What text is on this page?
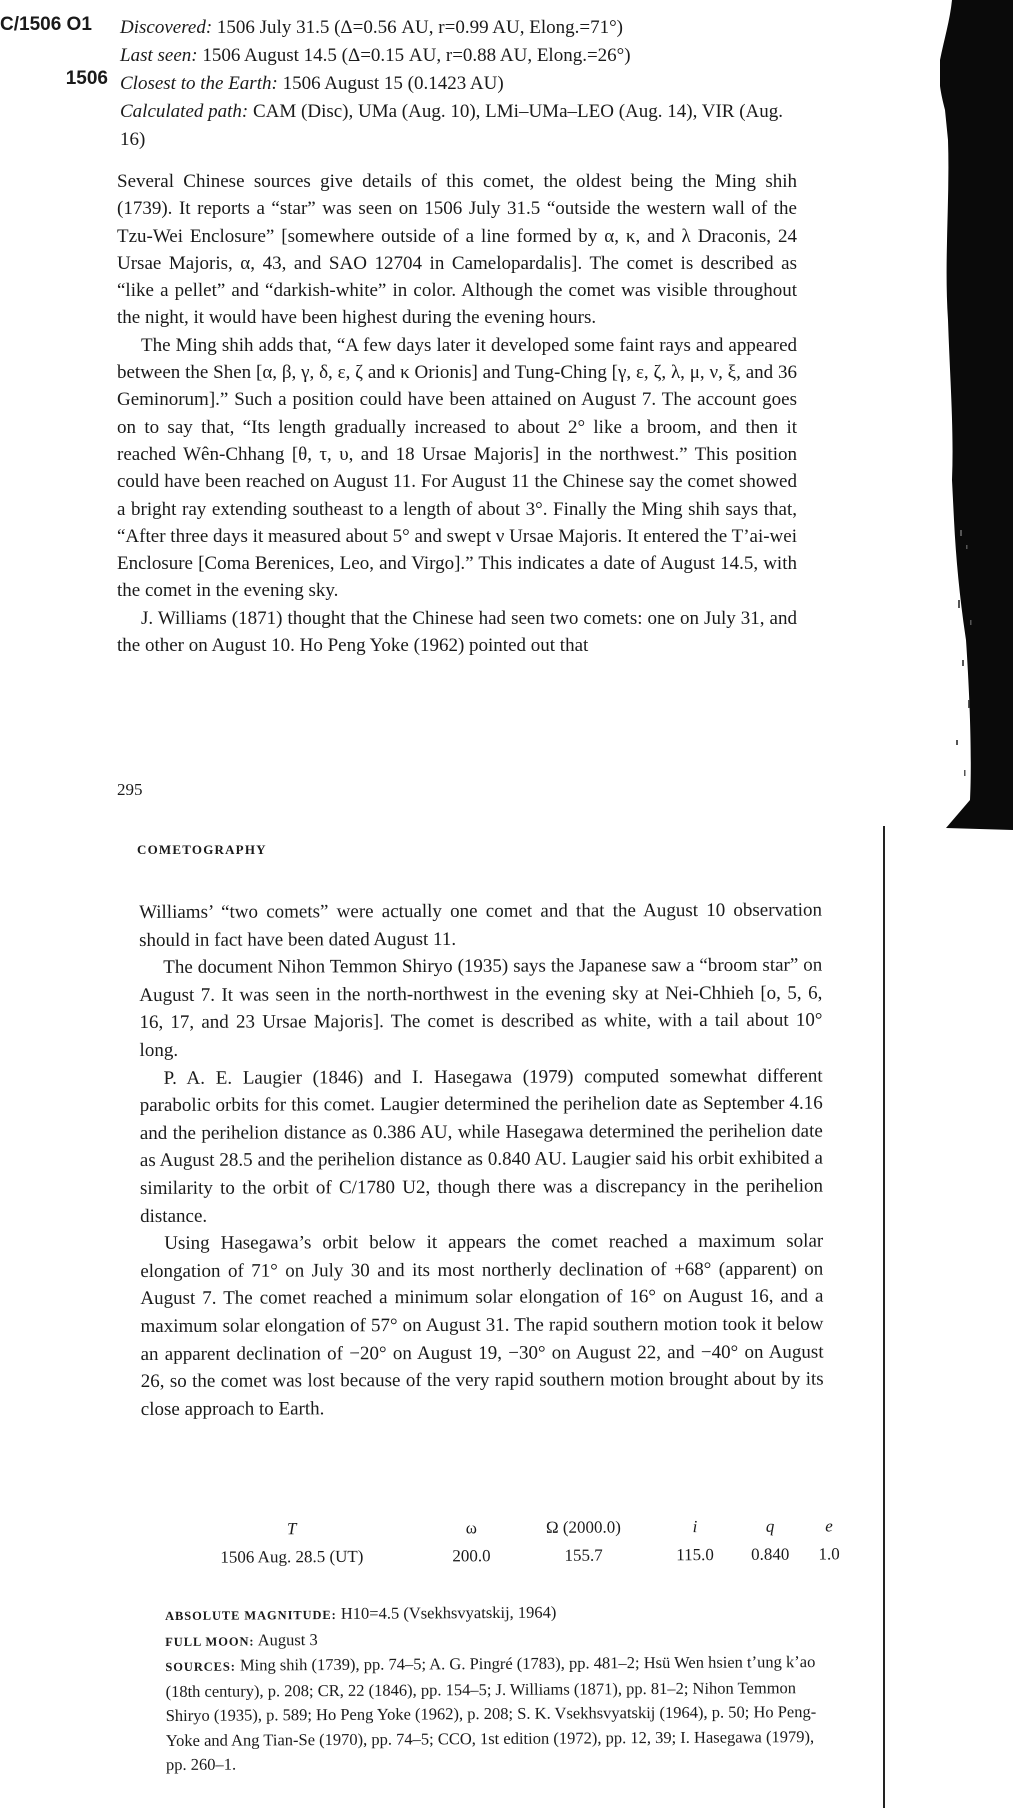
C/1506 O1
1506
Discovered: 1506 July 31.5 (Δ=0.56 AU, r=0.99 AU, Elong.=71°)
Last seen: 1506 August 14.5 (Δ=0.15 AU, r=0.88 AU, Elong.=26°)
Closest to the Earth: 1506 August 15 (0.1423 AU)
Calculated path: CAM (Disc), UMa (Aug. 10), LMi–UMa–LEO (Aug. 14), VIR (Aug. 16)

Several Chinese sources give details of this comet, the oldest being the Ming shih (1739). It reports a “star” was seen on 1506 July 31.5 “outside the western wall of the Tzu-Wei Enclosure” [somewhere outside of a line formed by α, κ, and λ Draconis, 24 Ursae Majoris, α, 43, and SAO 12704 in Camelopardalis]. The comet is described as “like a pellet” and “darkish-white” in color. Although the comet was visible throughout the night, it would have been highest during the evening hours.

The Ming shih adds that, “A few days later it developed some faint rays and appeared between the Shen [α, β, γ, δ, ε, ζ and κ Orionis] and Tung-Ching [γ, ε, ζ, λ, μ, ν, ξ, and 36 Geminorum].” Such a position could have been attained on August 7. The account goes on to say that, “Its length gradually increased to about 2° like a broom, and then it reached Wên-Chhang [θ, τ, υ, and 18 Ursae Majoris] in the northwest.” This position could have been reached on August 11. For August 11 the Chinese say the comet showed a bright ray extending southeast to a length of about 3°. Finally the Ming shih says that, “After three days it measured about 5° and swept ν Ursae Majoris. It entered the T’ai-wei Enclosure [Coma Berenices, Leo, and Virgo].” This indicates a date of August 14.5, with the comet in the evening sky.

J. Williams (1871) thought that the Chinese had seen two comets: one on July 31, and the other on August 10. Ho Peng Yoke (1962) pointed out that

295
COMETOGRAPHY

Williams’ “two comets” were actually one comet and that the August 10 observation should in fact have been dated August 11.

The document Nihon Temmon Shiryo (1935) says the Japanese saw a “broom star” on August 7. It was seen in the north-northwest in the evening sky at Nei-Chhieh [o, 5, 6, 16, 17, and 23 Ursae Majoris]. The comet is described as white, with a tail about 10° long.

P. A. E. Laugier (1846) and I. Hasegawa (1979) computed somewhat different parabolic orbits for this comet. Laugier determined the perihelion date as September 4.16 and the perihelion distance as 0.386 AU, while Hasegawa determined the perihelion date as August 28.5 and the perihelion distance as 0.840 AU. Laugier said his orbit exhibited a similarity to the orbit of C/1780 U2, though there was a discrepancy in the perihelion distance.

Using Hasegawa’s orbit below it appears the comet reached a maximum solar elongation of 71° on July 30 and its most northerly declination of +68° (apparent) on August 7. The comet reached a minimum solar elongation of 16° on August 16, and a maximum solar elongation of 57° on August 31. The rapid southern motion took it below an apparent declination of −20° on August 19, −30° on August 22, and −40° on August 26, so the comet was lost because of the very rapid southern motion brought about by its close approach to Earth.

T	ω	Ω (2000.0)	i	q	e
1506 Aug. 28.5 (UT)	200.0	155.7	115.0	0.840	1.0

ABSOLUTE MAGNITUDE: H10=4.5 (Vsekhsvyatskij, 1964)

FULL MOON: August 3

SOURCES: Ming shih (1739), pp. 74–5; A. G. Pingré (1783), pp. 481–2; Hsü Wen hsien t’ung k’ao (18th century), p. 208; CR, 22 (1846), pp. 154–5; J. Williams (1871), pp. 81–2; Nihon Temmon Shiryo (1935), p. 589; Ho Peng Yoke (1962), p. 208; S. K. Vsekhsvyatskij (1964), p. 50; Ho Peng-Yoke and Ang Tian-Se (1970), pp. 74–5; CCO, 1st edition (1972), pp. 12, 39; I. Hasegawa (1979), pp. 260–1.
